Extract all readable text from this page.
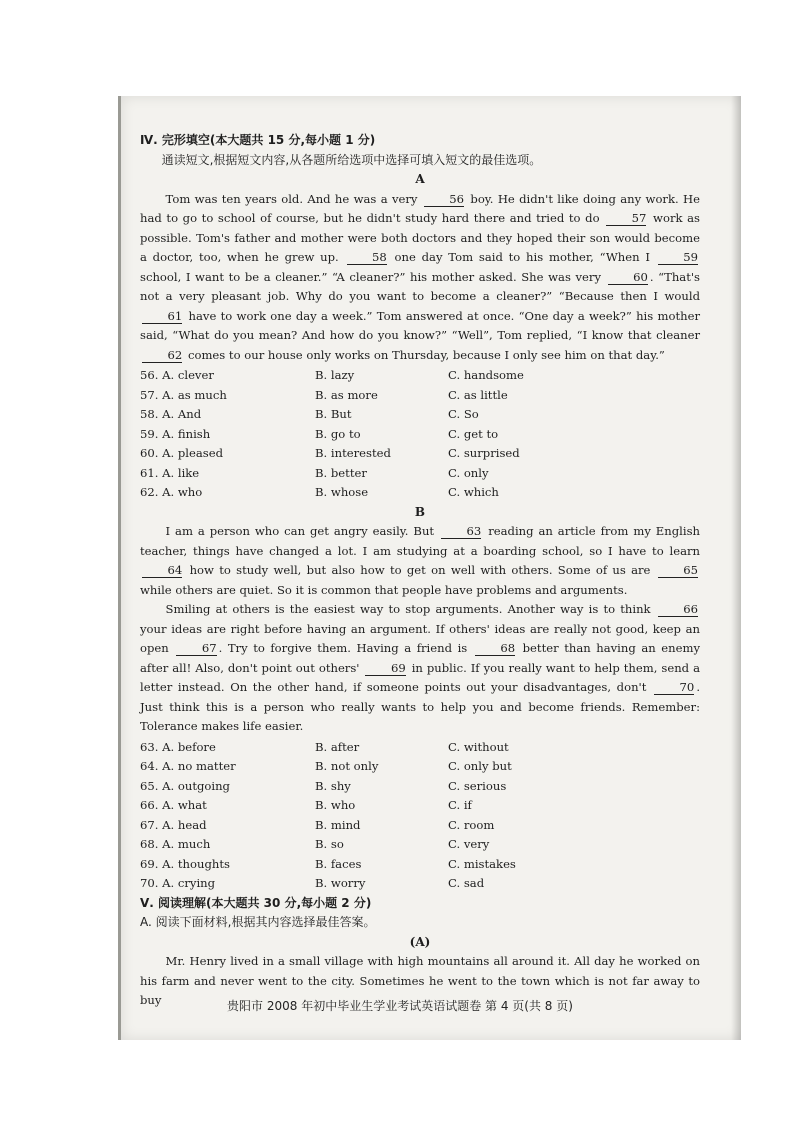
Ⅳ. 完形填空(本大题共 15 分,每小题 1 分)
通读短文,根据短文内容,从各题所给选项中选择可填入短文的最佳选项。
A

Tom was ten years old. And he was a very 56 boy. He didn't like doing any work. He had to go to school of course, but he didn't study hard there and tried to do 57 work as possible. Tom's father and mother were both doctors and they hoped their son would become a doctor, too, when he grew up. 58 one day Tom said to his mother, “When I 59 school, I want to be a cleaner.” “A cleaner?” his mother asked. She was very 60 . “That's not a very pleasant job. Why do you want to become a cleaner?” “Because then I would 61 have to work one day a week.” Tom answered at once. “One day a week?” his mother said, “What do you mean? And how do you know?” “Well”, Tom replied, “I know that cleaner 62 comes to our house only works on Thursday, because I only see him on that day.”

56. A. clever	B. lazy	C. handsome
57. A. as much	B. as more	C. as little
58. A. And	B. But	C. So
59. A. finish	B. go to	C. get to
60. A. pleased	B. interested	C. surprised
61. A. like	B. better	C. only
62. A. who	B. whose	C. which
B

I am a person who can get angry easily. But 63 reading an article from my English teacher, things have changed a lot. I am studying at a boarding school, so I have to learn 64 how to study well, but also how to get on well with others. Some of us are 65 while others are quiet. So it is common that people have problems and arguments.

Smiling at others is the easiest way to stop arguments. Another way is to think 66 your ideas are right before having an argument. If others' ideas are really not good, keep an open 67 . Try to forgive them. Having a friend is 68 better than having an enemy after all! Also, don't point out others' 69 in public. If you really want to help them, send a letter instead. On the other hand, if someone points out your disadvantages, don't 70 . Just think this is a person who really wants to help you and become friends. Remember: Tolerance makes life easier.

63. A. before	B. after	C. without
64. A. no matter	B. not only	C. only but
65. A. outgoing	B. shy	C. serious
66. A. what	B. who	C. if
67. A. head	B. mind	C. room
68. A. much	B. so	C. very
69. A. thoughts	B. faces	C. mistakes
70. A. crying	B. worry	C. sad
Ⅴ. 阅读理解(本大题共 30 分,每小题 2 分)
A. 阅读下面材料,根据其内容选择最佳答案。
(A)

Mr. Henry lived in a small village with high mountains all around it. All day he worked on his farm and never went to the city. Sometimes he went to the town which is not far away to buy	贵阳市 2008 年初中毕业生学业考试英语试题卷 第 4 页(共 8 页)
